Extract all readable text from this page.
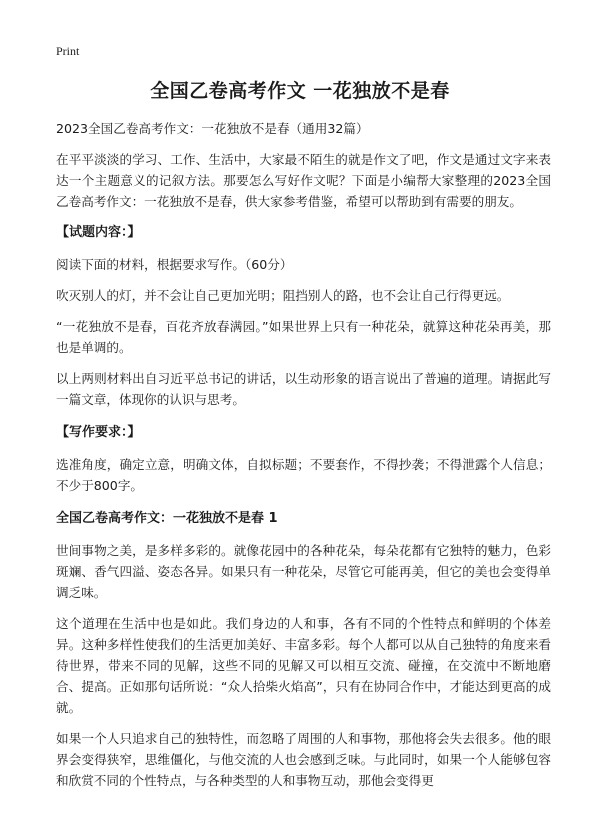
Print
全国乙卷高考作文 一花独放不是春

2023全国乙卷高考作文：一花独放不是春（通用32篇）

在平平淡淡的学习、工作、生活中，大家最不陌生的就是作文了吧，作文是通过文字来表达一个主题意义的记叙方法。那要怎么写好作文呢？下面是小编帮大家整理的2023全国乙卷高考作文：一花独放不是春，供大家参考借鉴，希望可以帮助到有需要的朋友。

【试题内容：】

阅读下面的材料，根据要求写作。（60分）

吹灭别人的灯，并不会让自己更加光明；阻挡别人的路，也不会让自己行得更远。

“一花独放不是春，百花齐放春满园。”如果世界上只有一种花朵，就算这种花朵再美，那也是单调的。

以上两则材料出自习近平总书记的讲话，以生动形象的语言说出了普遍的道理。请据此写一篇文章，体现你的认识与思考。

【写作要求：】

选准角度，确定立意，明确文体，自拟标题；不要套作，不得抄袭；不得泄露个人信息；不少于800字。

全国乙卷高考作文：一花独放不是春 1

世间事物之美，是多样多彩的。就像花园中的各种花朵，每朵花都有它独特的魅力，色彩斑斓、香气四溢、姿态各异。如果只有一种花朵，尽管它可能再美，但它的美也会变得单调乏味。

这个道理在生活中也是如此。我们身边的人和事，各有不同的个性特点和鲜明的个体差异。这种多样性使我们的生活更加美好、丰富多彩。每个人都可以从自己独特的角度来看待世界，带来不同的见解，这些不同的见解又可以相互交流、碰撞，在交流中不断地磨合、提高。正如那句话所说：“众人拾柴火焰高”，只有在协同合作中，才能达到更高的成就。

如果一个人只追求自己的独特性，而忽略了周围的人和事物，那他将会失去很多。他的眼界会变得狭窄，思维僵化，与他交流的人也会感到乏味。与此同时，如果一个人能够包容和欣赏不同的个性特点，与各种类型的人和事物互动，那他会变得更
